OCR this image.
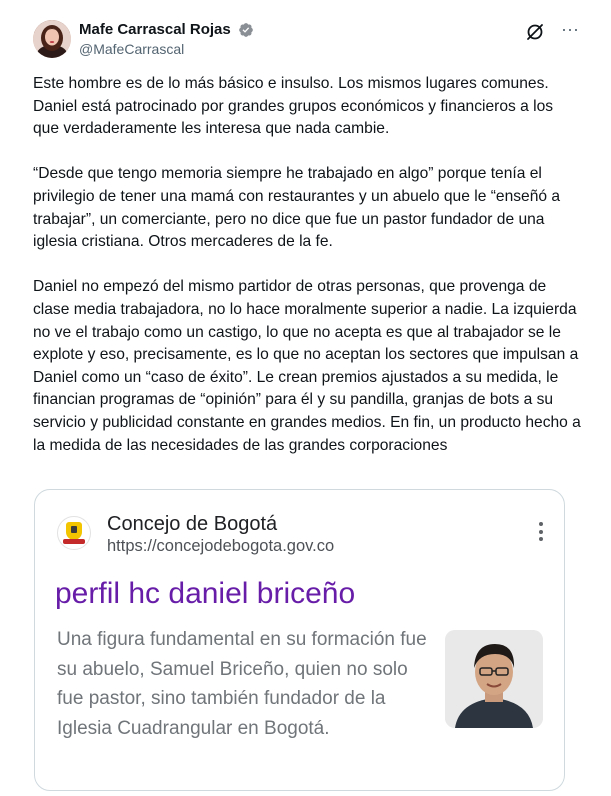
Mafe Carrascal Rojas
@MafeCarrascal
···

Este hombre es de lo más básico e insulso. Los mismos lugares comunes. Daniel está patrocinado por grandes grupos económicos y financieros a los que verdaderamente les interesa que nada cambie.

“Desde que tengo memoria siempre he trabajado en algo” porque tenía el privilegio de tener una mamá con restaurantes y un abuelo que le “enseñó a trabajar”, un comerciante, pero no dice que fue un pastor fundador de una iglesia cristiana. Otros mercaderes de la fe.

Daniel no empezó del mismo partidor de otras personas, que provenga de clase media trabajadora, no lo hace moralmente superior a nadie. La izquierda no ve el trabajo como un castigo, lo que no acepta es que al trabajador se le explote y eso, precisamente, es lo que no aceptan los sectores que impulsan a Daniel como un “caso de éxito”. Le crean premios ajustados a su medida, le financian programas de “opinión” para él y su pandilla, granjas de bots a su servicio y publicidad constante en grandes medios. En fin, un producto hecho a la medida de las necesidades de las grandes corporaciones

Concejo de Bogotá
https://concejodebogota.gov.co
perfil hc daniel briceño
Una figura fundamental en su formación fue su abuelo, Samuel Briceño, quien no solo fue pastor, sino también fundador de la Iglesia Cuadrangular en Bogotá.
